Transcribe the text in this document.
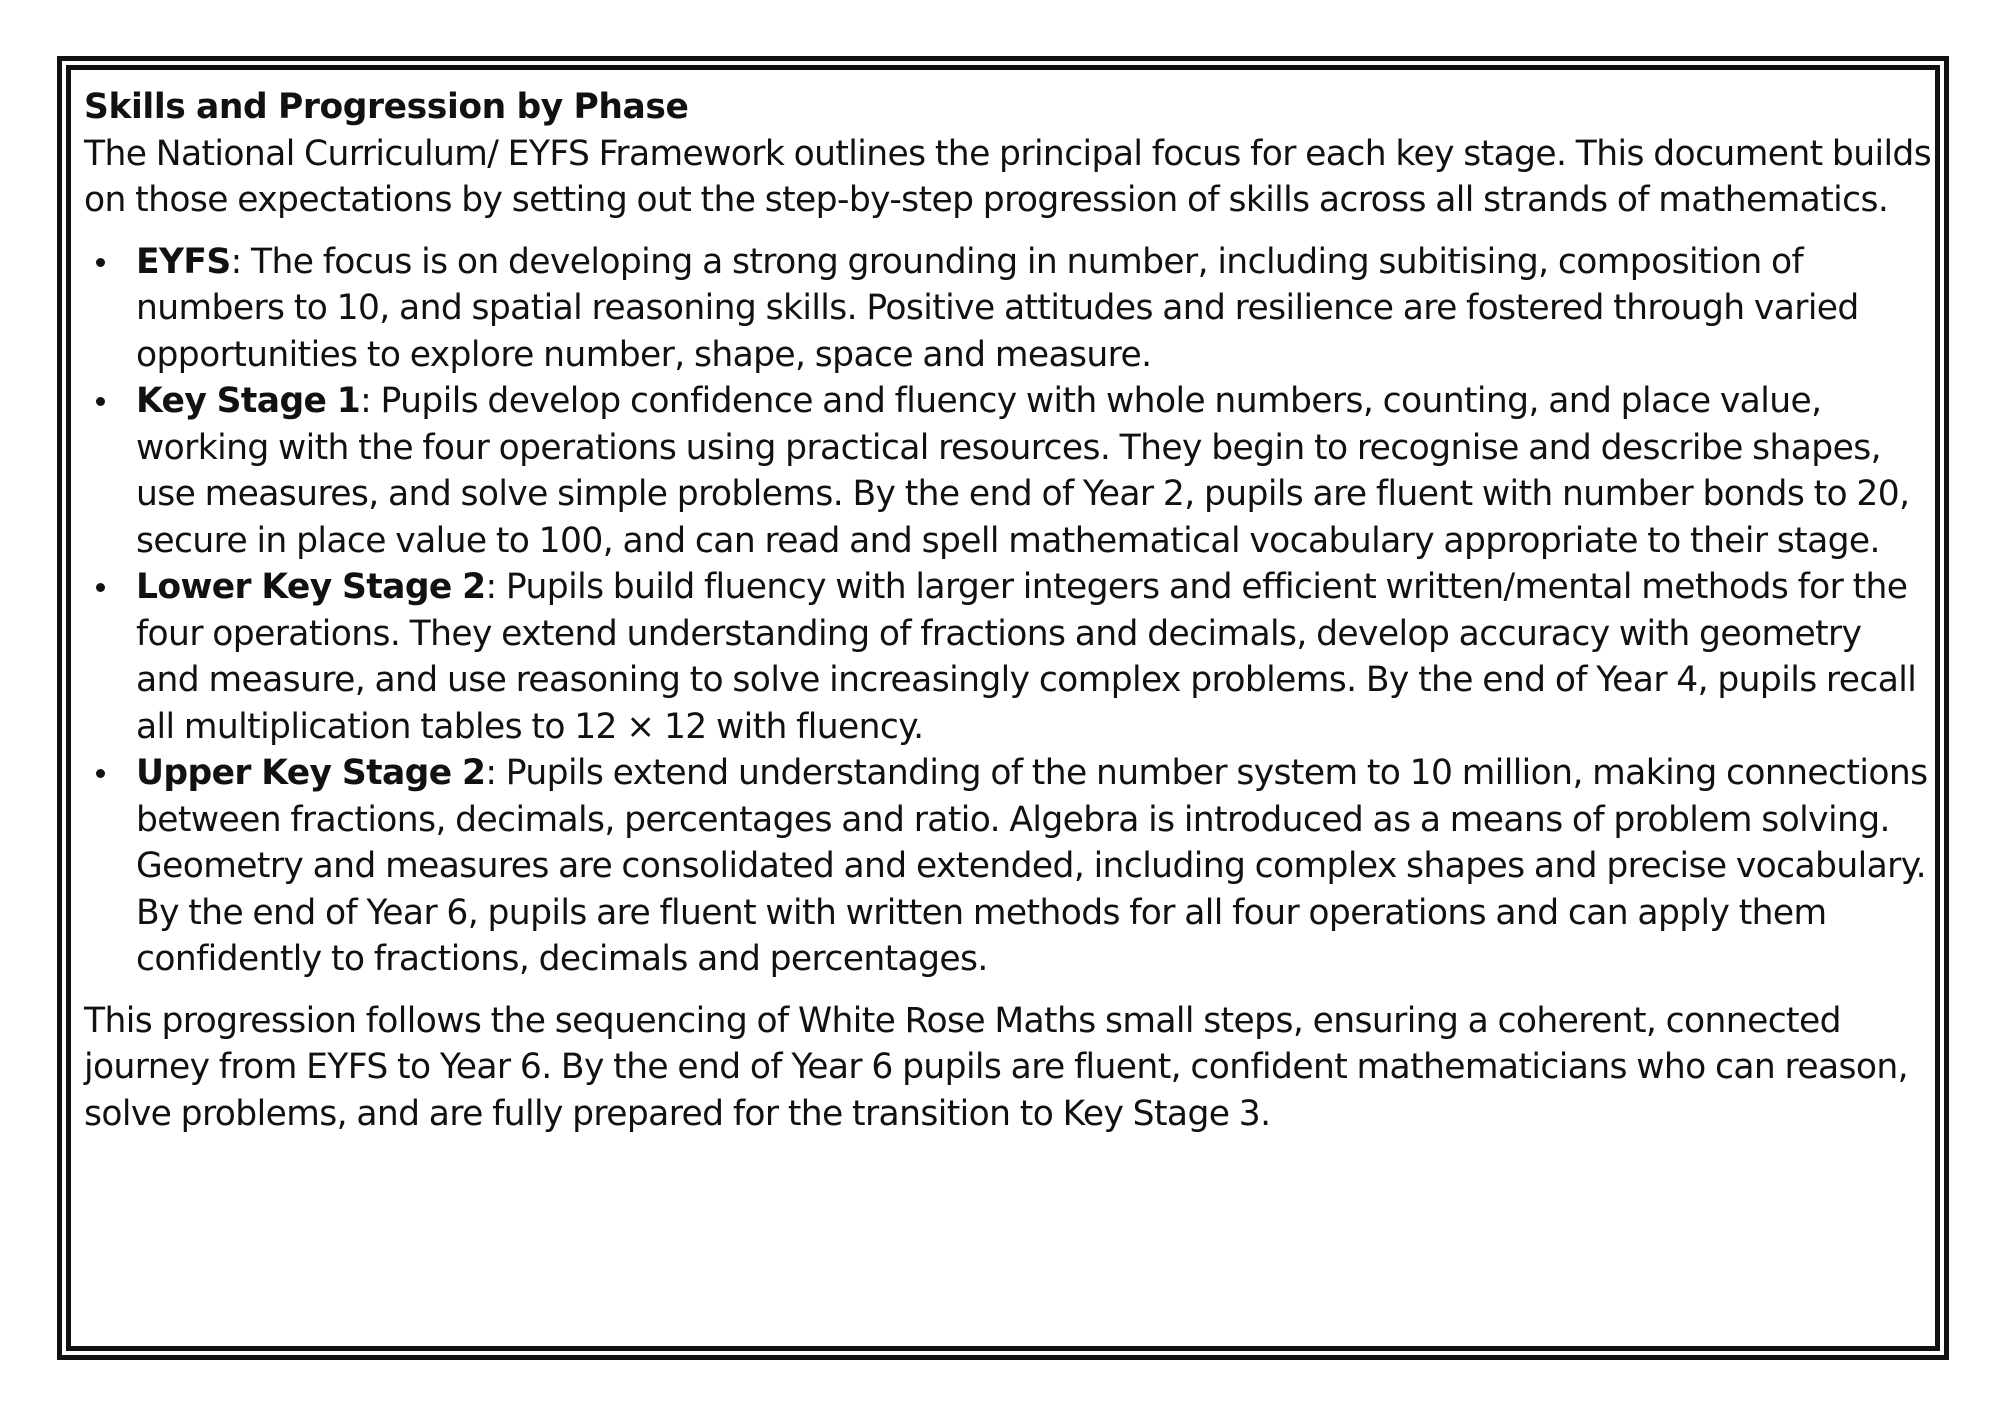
Skills and Progression by Phase

The National Curriculum/ EYFS Framework outlines the principal focus for each key stage. This document builds on those expectations by setting out the step-by-step progression of skills across all strands of mathematics.

EYFS: The focus is on developing a strong grounding in number, including subitising, composition of numbers to 10, and spatial reasoning skills. Positive attitudes and resilience are fostered through varied opportunities to explore number, shape, space and measure.
Key Stage 1: Pupils develop confidence and fluency with whole numbers, counting, and place value, working with the four operations using practical resources. They begin to recognise and describe shapes, use measures, and solve simple problems. By the end of Year 2, pupils are fluent with number bonds to 20, secure in place value to 100, and can read and spell mathematical vocabulary appropriate to their stage.
Lower Key Stage 2: Pupils build fluency with larger integers and efficient written/mental methods for the four operations. They extend understanding of fractions and decimals, develop accuracy with geometry and measure, and use reasoning to solve increasingly complex problems. By the end of Year 4, pupils recall all multiplication tables to 12 × 12 with fluency.
Upper Key Stage 2: Pupils extend understanding of the number system to 10 million, making connections between fractions, decimals, percentages and ratio. Algebra is introduced as a means of problem solving. Geometry and measures are consolidated and extended, including complex shapes and precise vocabulary. By the end of Year 6, pupils are fluent with written methods for all four operations and can apply them confidently to fractions, decimals and percentages.

This progression follows the sequencing of White Rose Maths small steps, ensuring a coherent, connected journey from EYFS to Year 6. By the end of Year 6 pupils are fluent, confident mathematicians who can reason, solve problems, and are fully prepared for the transition to Key Stage 3.
